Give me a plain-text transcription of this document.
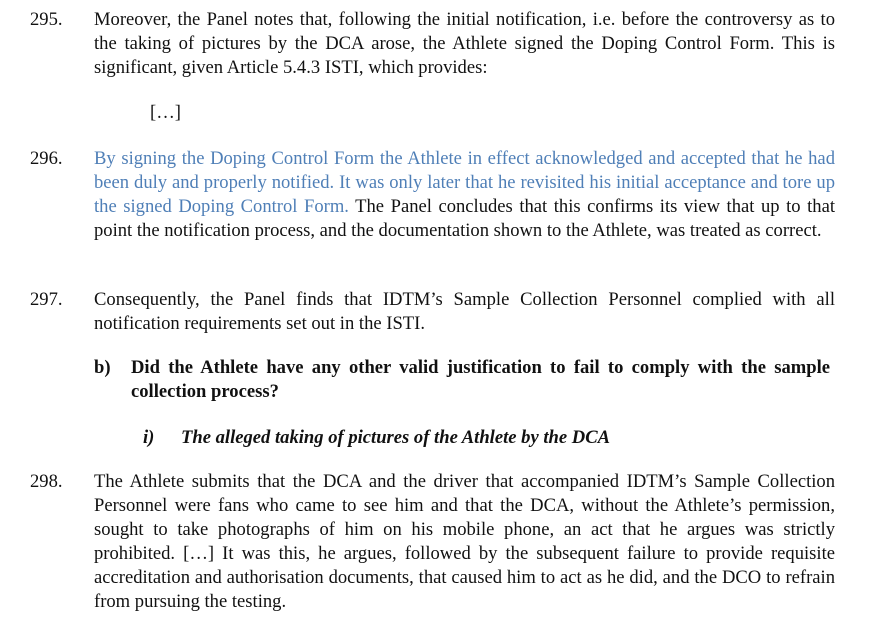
295. Moreover, the Panel notes that, following the initial notification, i.e. before the controversy as to the taking of pictures by the DCA arose, the Athlete signed the Doping Control Form. This is significant, given Article 5.4.3 ISTI, which provides:
[…]
296. By signing the Doping Control Form the Athlete in effect acknowledged and accepted that he had been duly and properly notified. It was only later that he revisited his initial acceptance and tore up the signed Doping Control Form. The Panel concludes that this confirms its view that up to that point the notification process, and the documentation shown to the Athlete, was treated as correct.
297. Consequently, the Panel finds that IDTM’s Sample Collection Personnel complied with all notification requirements set out in the ISTI.
b) Did the Athlete have any other valid justification to fail to comply with the sample collection process?
i) The alleged taking of pictures of the Athlete by the DCA
298. The Athlete submits that the DCA and the driver that accompanied IDTM’s Sample Collection Personnel were fans who came to see him and that the DCA, without the Athlete’s permission, sought to take photographs of him on his mobile phone, an act that he argues was strictly prohibited. […] It was this, he argues, followed by the subsequent failure to provide requisite accreditation and authorisation documents, that caused him to act as he did, and the DCO to refrain from pursuing the testing.
